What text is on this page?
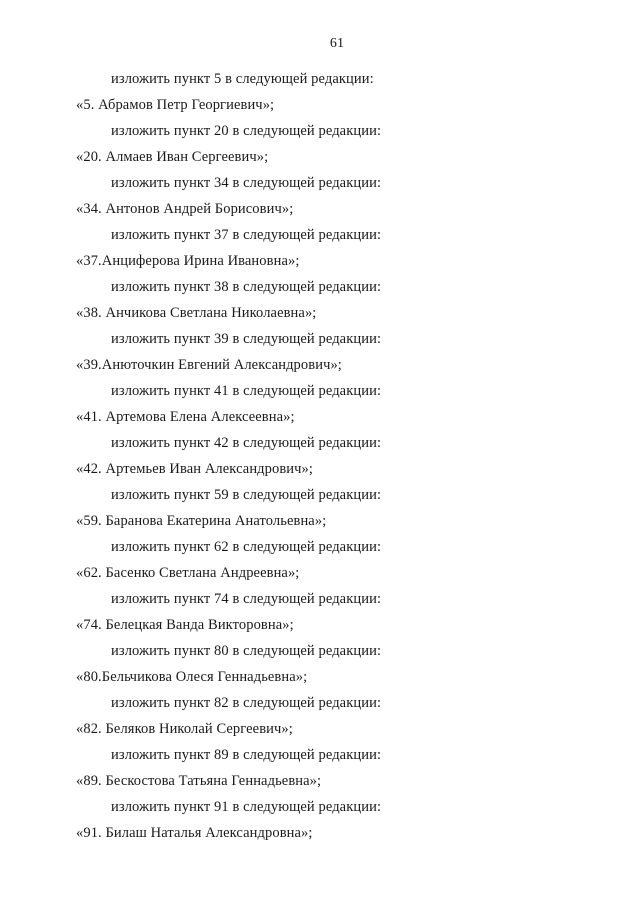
61
изложить пункт 5 в следующей редакции:
«5. Абрамов Петр Георгиевич»;
изложить пункт 20 в следующей редакции:
«20. Алмаев Иван Сергеевич»;
изложить пункт 34 в следующей редакции:
«34. Антонов Андрей Борисович»;
изложить пункт 37 в следующей редакции:
«37.Анциферова Ирина Ивановна»;
изложить пункт 38 в следующей редакции:
«38. Анчикова Светлана Николаевна»;
изложить пункт 39 в следующей редакции:
«39.Анюточкин Евгений Александрович»;
изложить пункт 41 в следующей редакции:
«41. Артемова Елена Алексеевна»;
изложить пункт 42 в следующей редакции:
«42. Артемьев Иван Александрович»;
изложить пункт 59 в следующей редакции:
«59. Баранова Екатерина Анатольевна»;
изложить пункт 62 в следующей редакции:
«62. Басенко Светлана Андреевна»;
изложить пункт 74 в следующей редакции:
«74. Белецкая Ванда Викторовна»;
изложить пункт 80 в следующей редакции:
«80.Бельчикова Олеся Геннадьевна»;
изложить пункт 82 в следующей редакции:
«82. Беляков Николай Сергеевич»;
изложить пункт 89 в следующей редакции:
«89. Бескостова Татьяна Геннадьевна»;
изложить пункт 91 в следующей редакции:
«91. Билаш Наталья Александровна»;
